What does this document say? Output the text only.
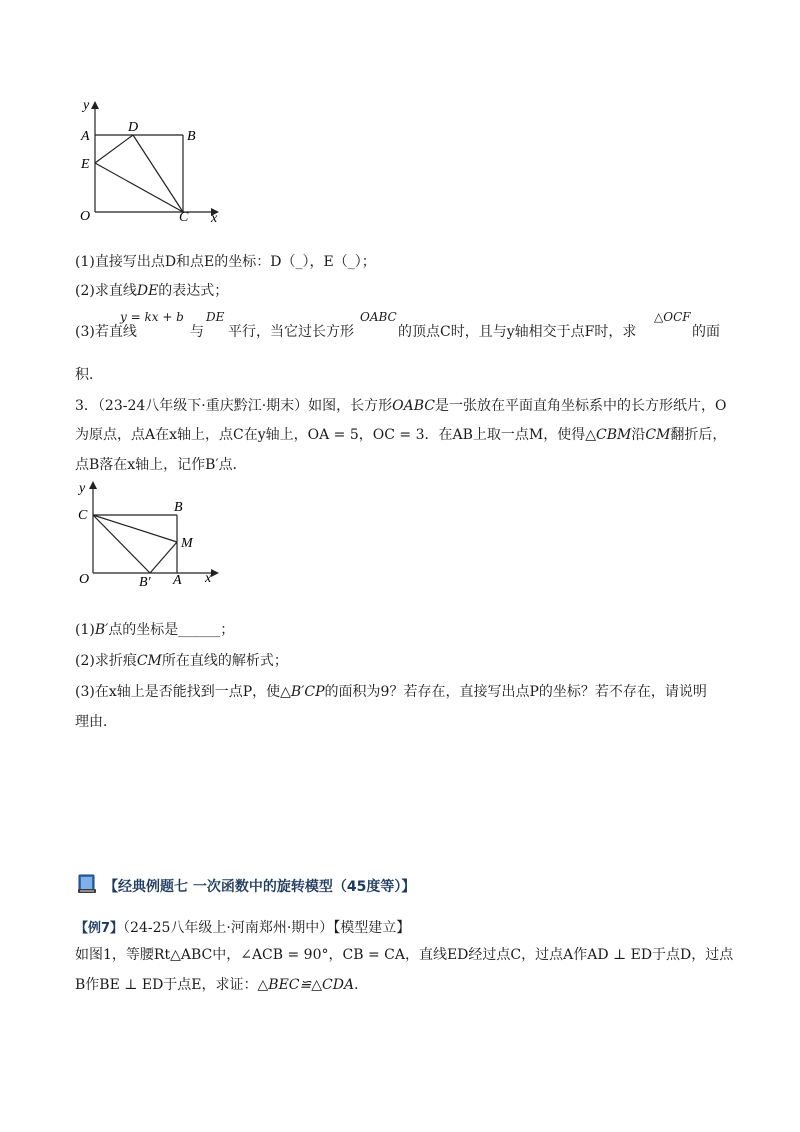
y
x
A
D
B
E
O	C
(1)直接写出点D和点E的坐标：D（_），E（_）；
(2)求直线DE的表达式；
(3)若直线
y = kx + b
与
DE
平行，当它过长方形
OABC
的顶点C时，且与y轴相交于点F时，求
△OCF
的面
积．
3．（23-24八年级下·重庆黔江·期末）如图，长方形OABC是一张放在平面直角坐标系中的长方形纸片，O
为原点，点A在x轴上，点C在y轴上，OA = 5，OC = 3．在AB上取一点M，使得△CBM沿CM翻折后，
点B落在x轴上，记作B′点．
y
x
C
B
M
O	B′ A
(1)B′点的坐标是______；
(2)求折痕CM所在直线的解析式；
(3)在x轴上是否能找到一点P，使△B′CP的面积为9？若存在，直接写出点P的坐标？若不存在，请说明
理由．
【经典例题七 一次函数中的旋转模型（45度等）】
【例7】（24-25八年级上·河南郑州·期中）【模型建立】
如图1，等腰Rt△ABC中，∠ACB = 90°，CB = CA，直线ED经过点C，过点A作AD ⊥ ED于点D，过点
B作BE ⊥ ED于点E，求证：△BEC≌△CDA．
